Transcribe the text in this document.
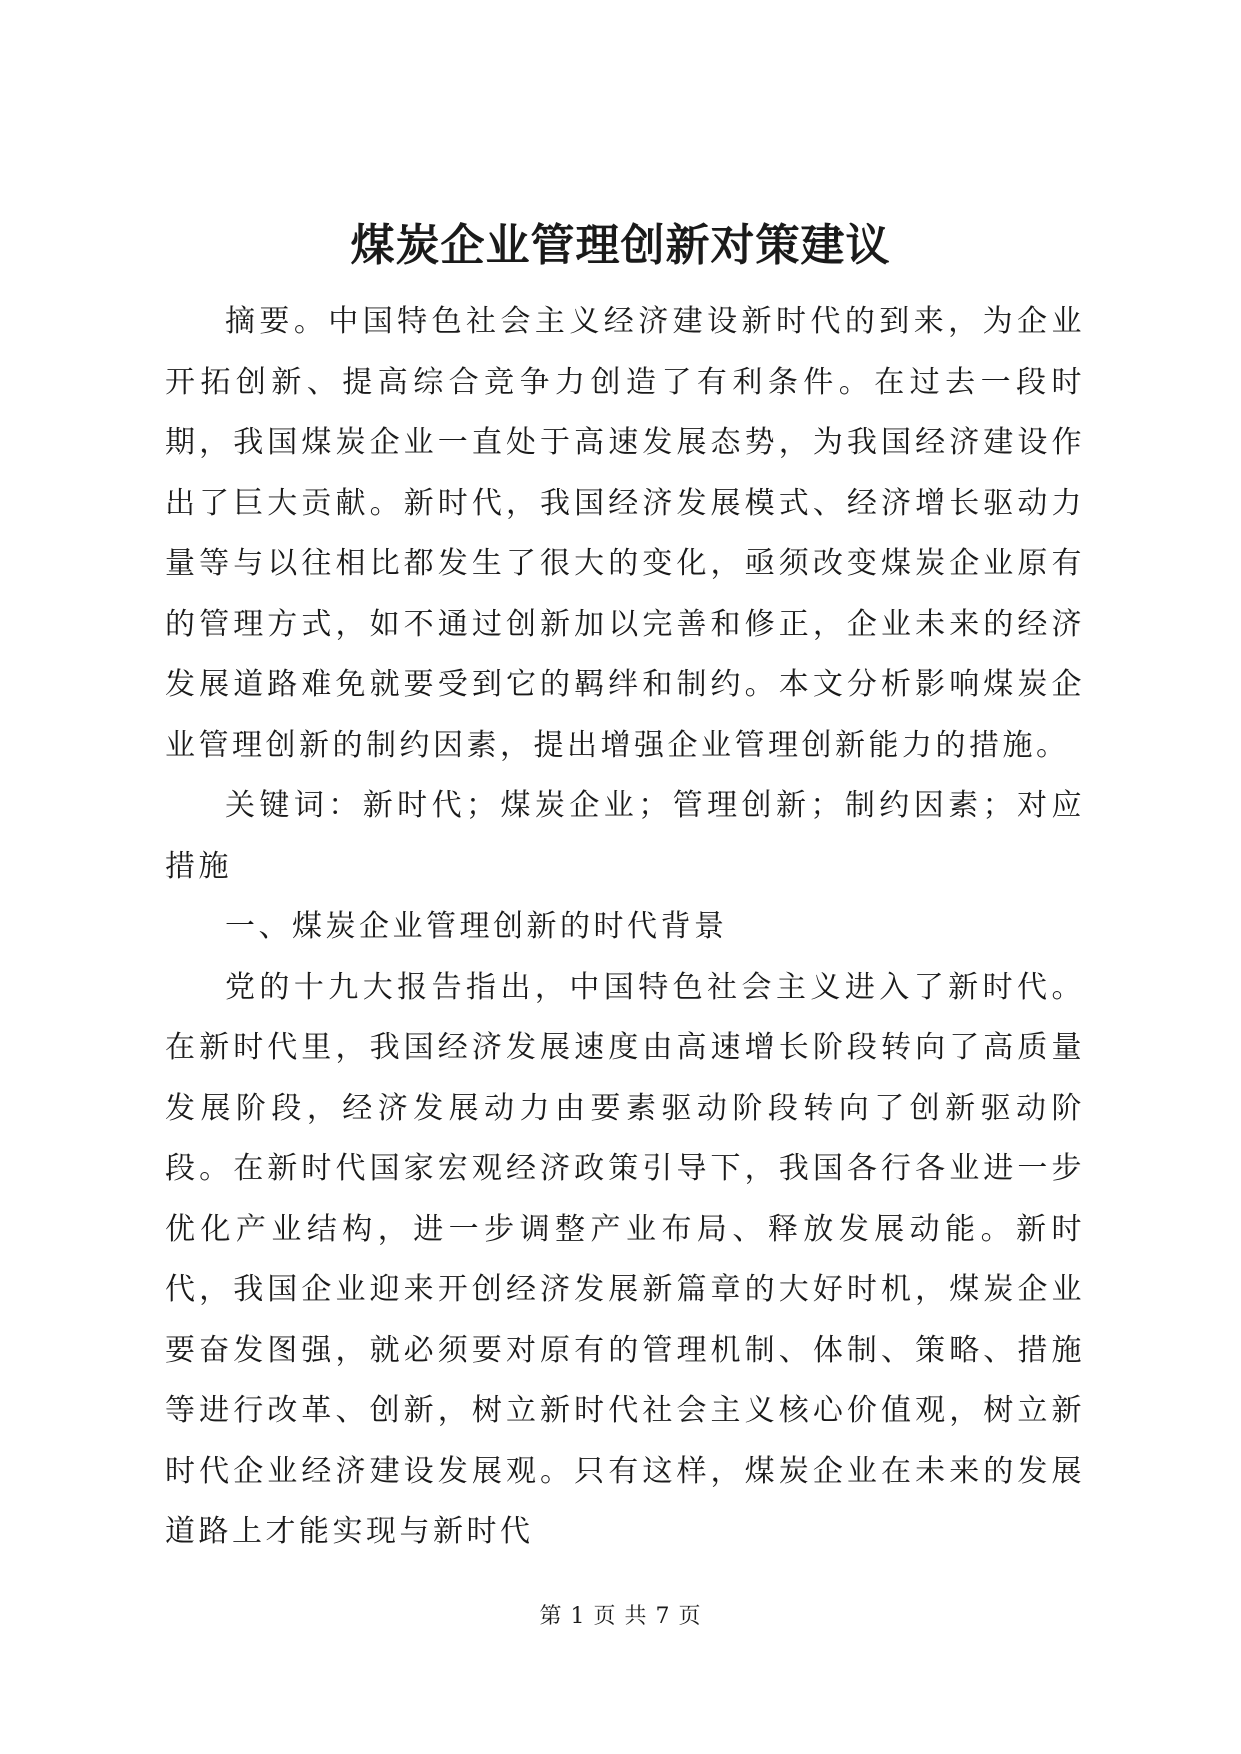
煤炭企业管理创新对策建议

摘要。中国特色社会主义经济建设新时代的到来，为企业开拓创新、提高综合竞争力创造了有利条件。在过去一段时期，我国煤炭企业一直处于高速发展态势，为我国经济建设作出了巨大贡献。新时代，我国经济发展模式、经济增长驱动力量等与以往相比都发生了很大的变化，亟须改变煤炭企业原有的管理方式，如不通过创新加以完善和修正，企业未来的经济发展道路难免就要受到它的羁绊和制约。本文分析影响煤炭企业管理创新的制约因素，提出增强企业管理创新能力的措施。

关键词：新时代；煤炭企业；管理创新；制约因素；对应措施

一、煤炭企业管理创新的时代背景

党的十九大报告指出，中国特色社会主义进入了新时代。在新时代里，我国经济发展速度由高速增长阶段转向了高质量发展阶段，经济发展动力由要素驱动阶段转向了创新驱动阶段。在新时代国家宏观经济政策引导下，我国各行各业进一步优化产业结构，进一步调整产业布局、释放发展动能。新时代，我国企业迎来开创经济发展新篇章的大好时机，煤炭企业要奋发图强，就必须要对原有的管理机制、体制、策略、措施等进行改革、创新，树立新时代社会主义核心价值观，树立新时代企业经济建设发展观。只有这样，煤炭企业在未来的发展道路上才能实现与新时代

第 1 页 共 7 页
